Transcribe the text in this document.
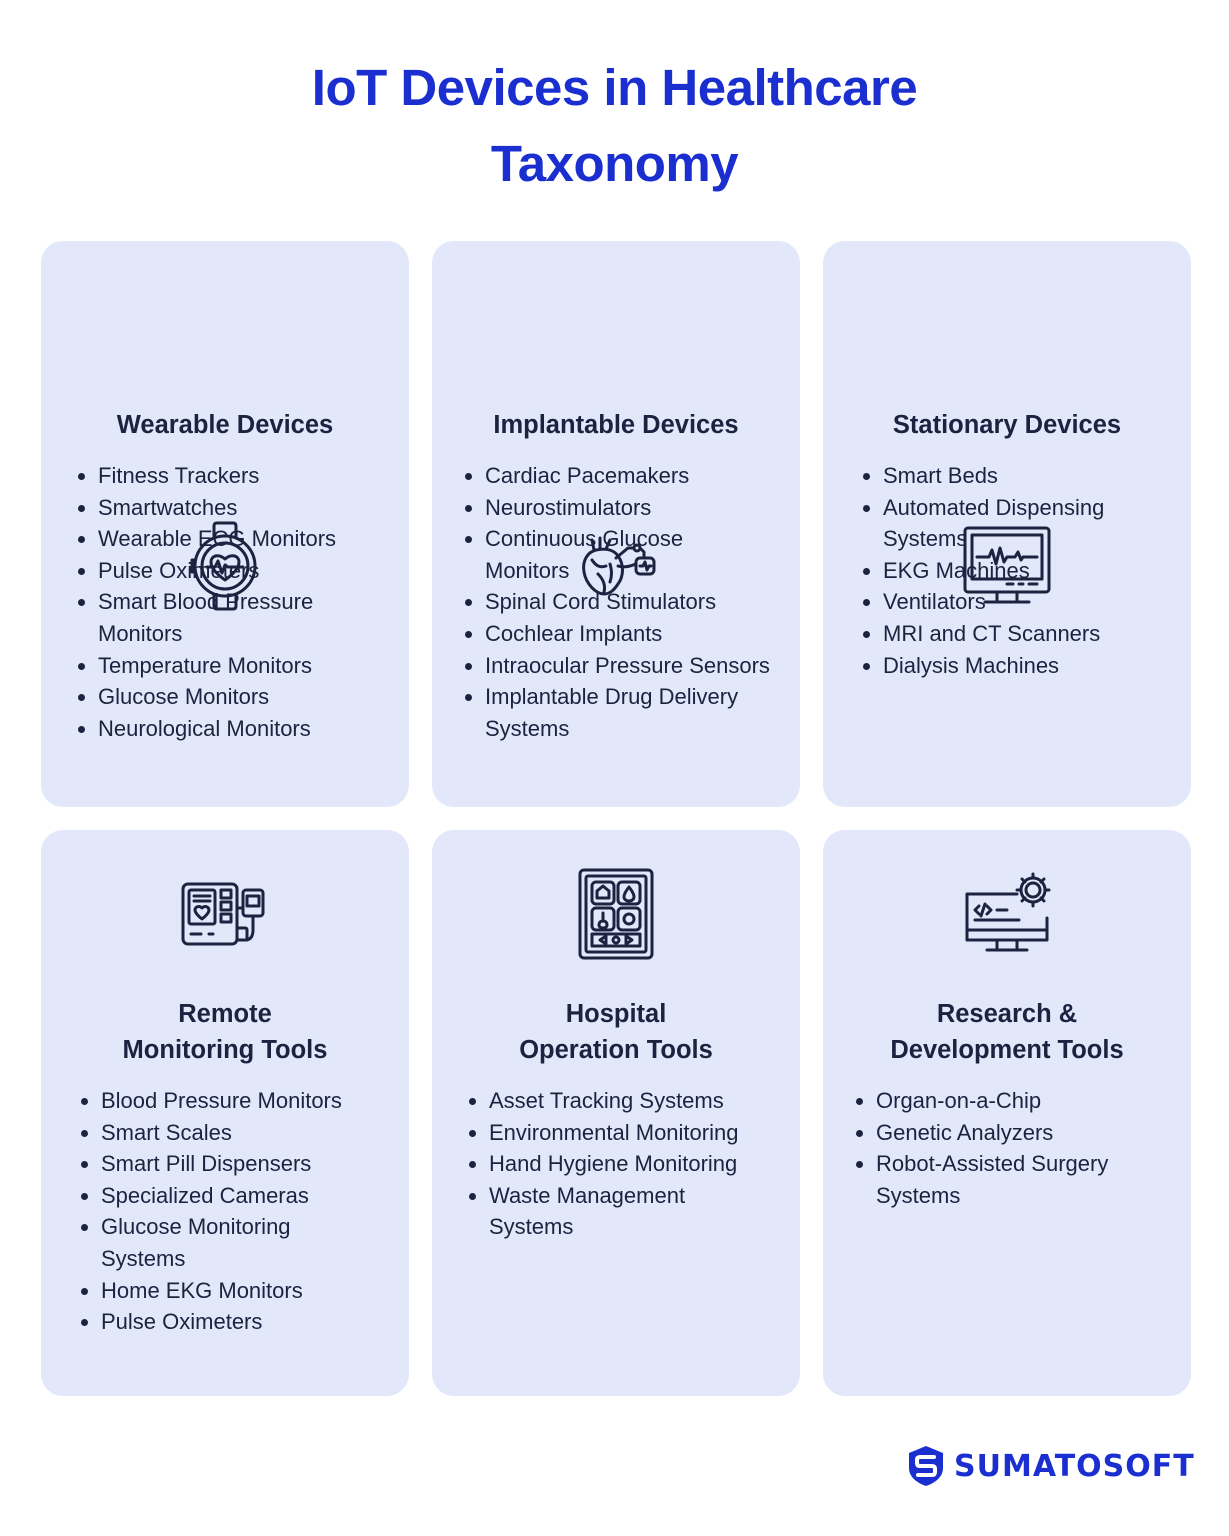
IoT Devices in Healthcare
Taxonomy
Wearable Devices
Fitness Trackers
Smartwatches
Wearable ECG Monitors
Pulse Oximeters
Smart Blood Pressure Monitors
Temperature Monitors
Glucose Monitors
Neurological Monitors
Implantable Devices
Cardiac Pacemakers
Neurostimulators
Continuous Glucose Monitors
Spinal Cord Stimulators
Cochlear Implants
Intraocular Pressure Sensors
Implantable Drug Delivery Systems
Stationary Devices
Smart Beds
Automated Dispensing Systems
EKG Machines
Ventilators
MRI and CT Scanners
Dialysis Machines
Remote
Monitoring Tools
Blood Pressure Monitors
Smart Scales
Smart Pill Dispensers
Specialized Cameras
Glucose Monitoring Systems
Home EKG Monitors
Pulse Oximeters
Hospital
Operation Tools
Asset Tracking Systems
Environmental Monitoring
Hand Hygiene Monitoring
Waste Management Systems
Research &
Development Tools
Organ-on-a-Chip
Genetic Analyzers
Robot-Assisted Surgery Systems
SUMATOSOFT
